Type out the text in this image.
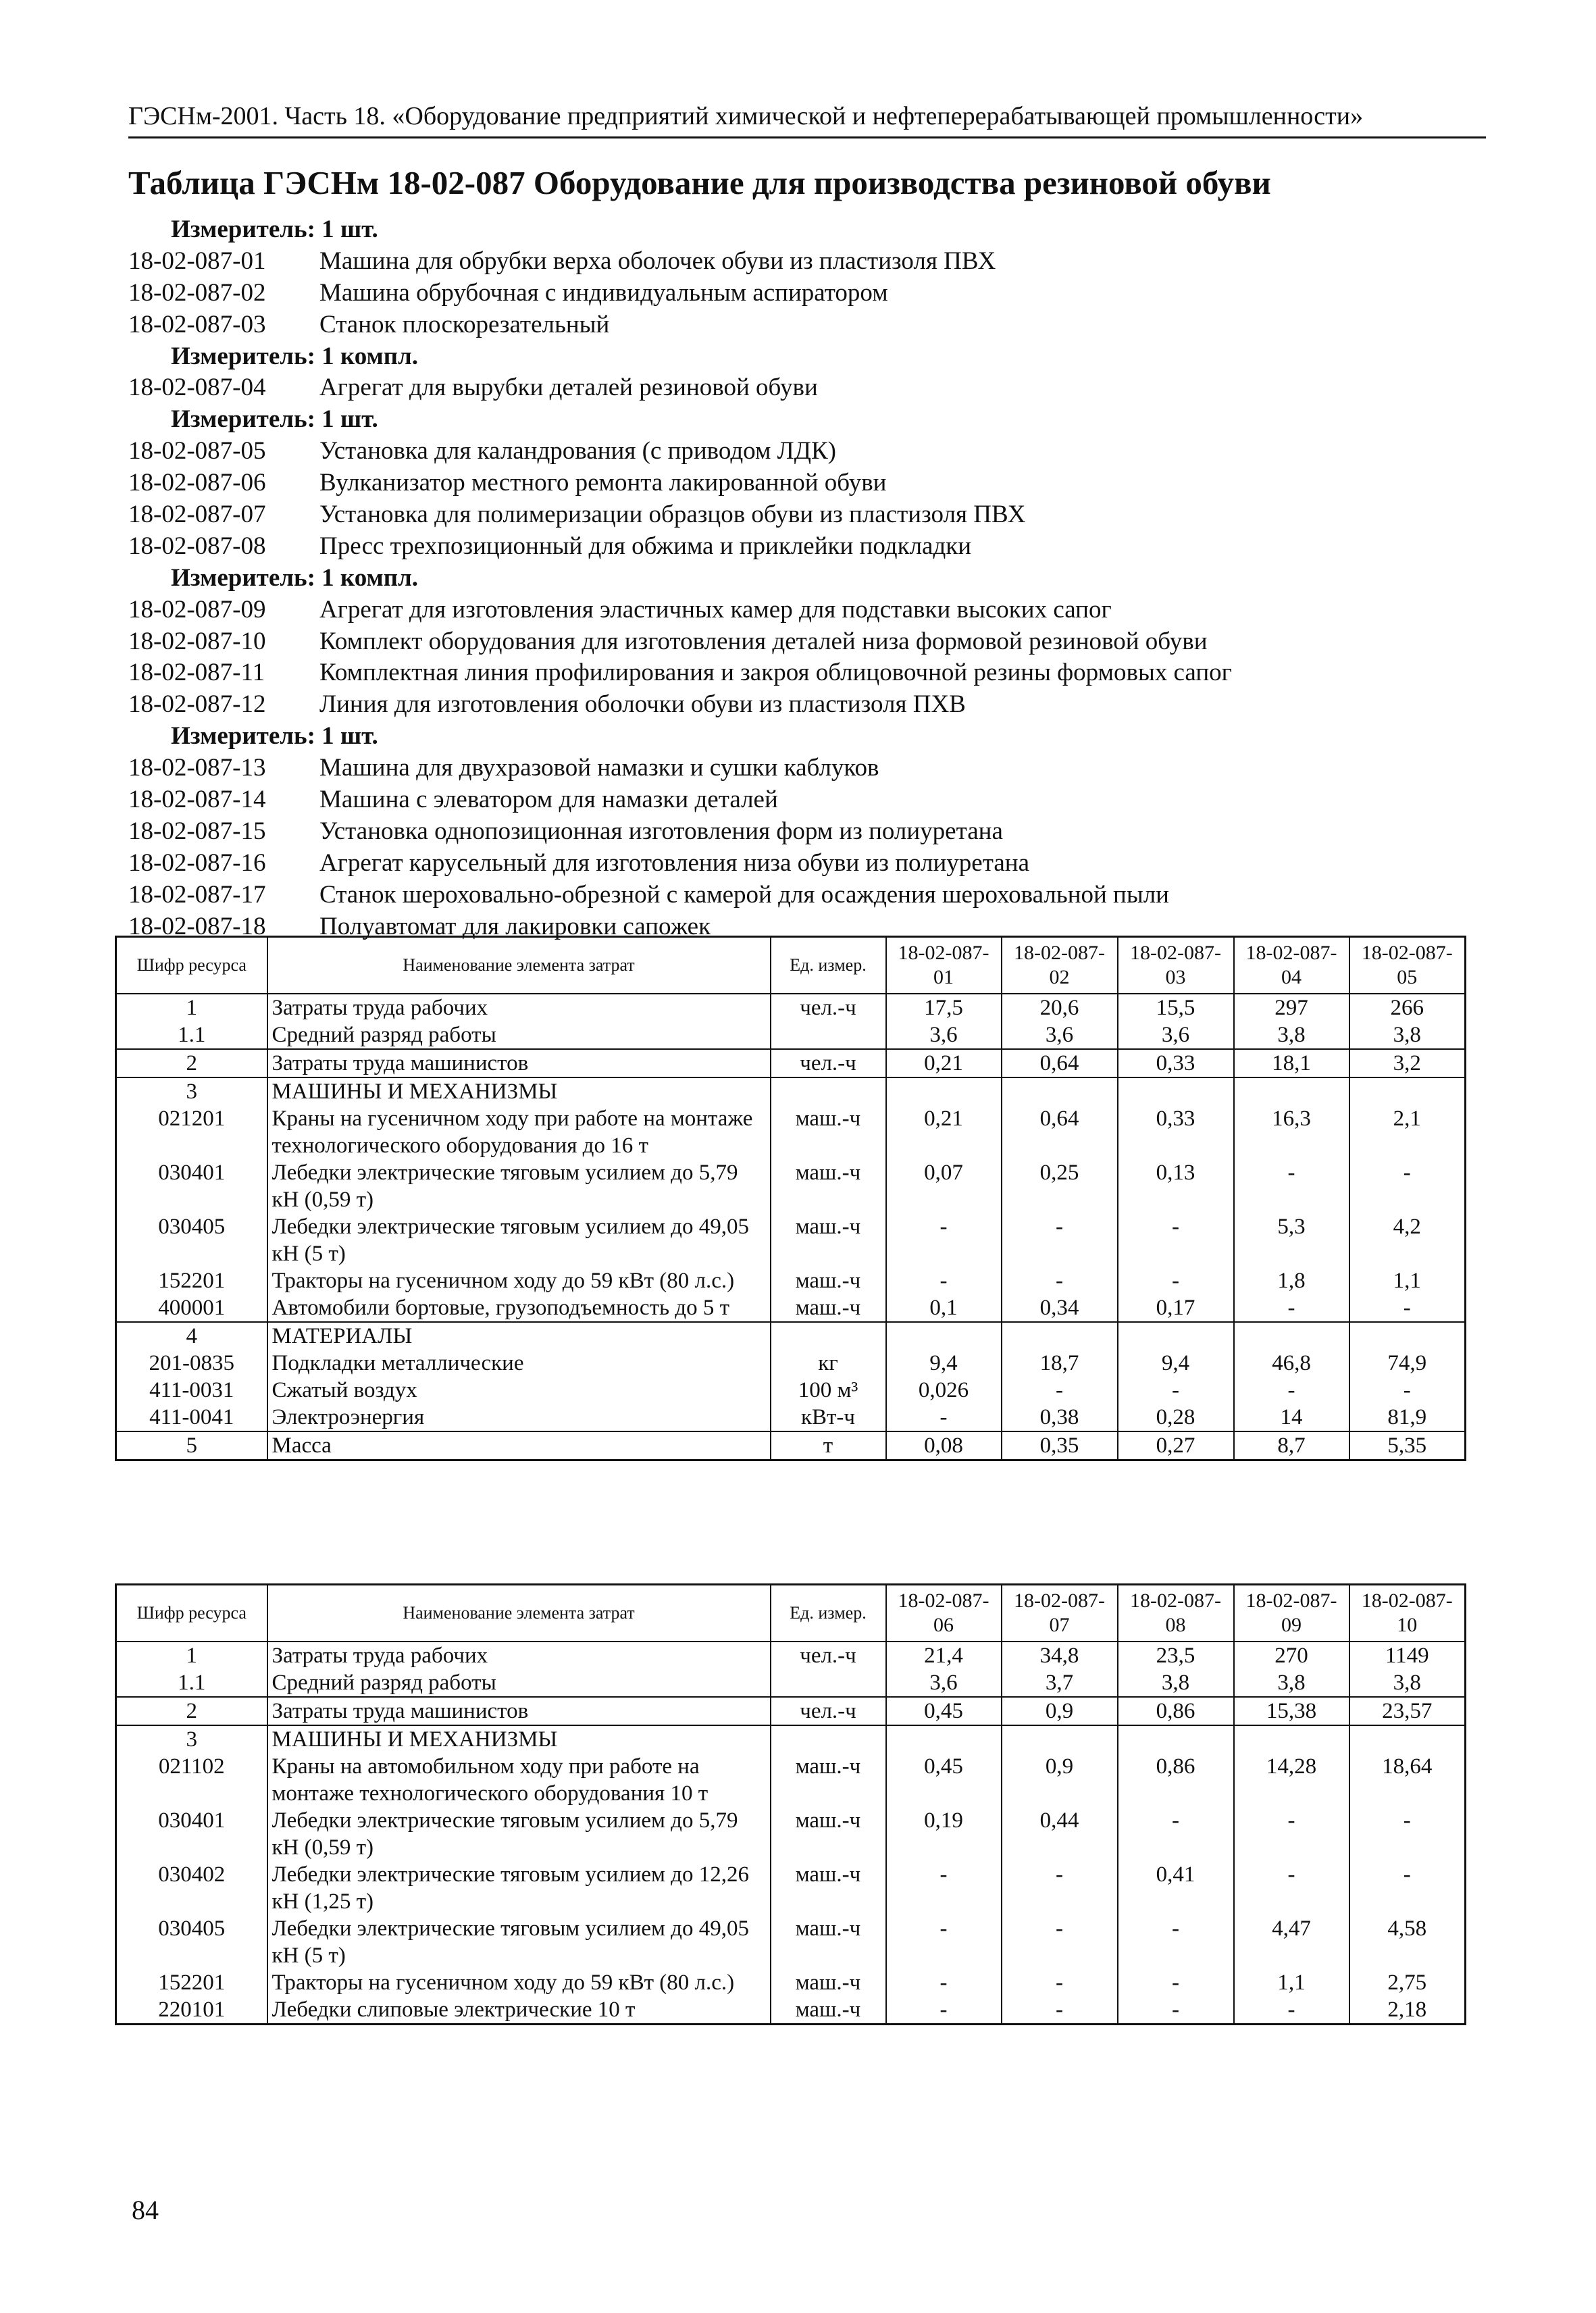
ГЭСНм-2001. Часть 18. «Оборудование предприятий химической и нефтеперерабатывающей промышленности»
Таблица ГЭСНм 18-02-087 Оборудование для производства резиновой обуви
Измеритель: 1 шт.
18-02-087-01 Машина для обрубки верха оболочек обуви из пластизоля ПВХ
18-02-087-02 Машина обрубочная с индивидуальным аспиратором
18-02-087-03 Станок плоскорезательный
Измеритель: 1 компл.
18-02-087-04 Агрегат для вырубки деталей резиновой обуви
Измеритель: 1 шт.
18-02-087-05 Установка для каландрования (с приводом ЛДК)
18-02-087-06 Вулканизатор местного ремонта лакированной обуви
18-02-087-07 Установка для полимеризации образцов обуви из пластизоля ПВХ
18-02-087-08 Пресс трехпозиционный для обжима и приклейки подкладки
Измеритель: 1 компл.
18-02-087-09 Агрегат для изготовления эластичных камер для подставки высоких сапог
18-02-087-10 Комплект оборудования для изготовления деталей низа формовой резиновой обуви
18-02-087-11 Комплектная линия профилирования и закроя облицовочной резины формовых сапог
18-02-087-12 Линия для изготовления оболочки обуви из пластизоля ПХВ
Измеритель: 1 шт.
18-02-087-13 Машина для двухразовой намазки и сушки каблуков
18-02-087-14 Машина с элеватором для намазки деталей
18-02-087-15 Установка однопозиционная изготовления форм из полиуретана
18-02-087-16 Агрегат карусельный для изготовления низа обуви из полиуретана
18-02-087-17 Станок шероховально-обрезной с камерой для осаждения шероховальной пыли
18-02-087-18 Полуавтомат для лакировки сапожек
Шифр ресурса	Наименование элемента затрат	Ед. измер.	18-02-087-01	18-02-087-02	18-02-087-03	18-02-087-04	18-02-087-05
1	Затраты труда рабочих	чел.-ч	17,5	20,6	15,5	297	266
1.1	Средний разряд работы		3,6	3,6	3,6	3,8	3,8
2	Затраты труда машинистов	чел.-ч	0,21	0,64	0,33	18,1	3,2
3	МАШИНЫ И МЕХАНИЗМЫ						
021201	Краны на гусеничном ходу при работе на монтаже технологического оборудования до 16 т	маш.-ч	0,21	0,64	0,33	16,3	2,1
030401	Лебедки электрические тяговым усилием до 5,79 кН (0,59 т)	маш.-ч	0,07	0,25	0,13	-	-
030405	Лебедки электрические тяговым усилием до 49,05 кН (5 т)	маш.-ч	-	-	-	5,3	4,2
152201	Тракторы на гусеничном ходу до 59 кВт (80 л.с.)	маш.-ч	-	-	-	1,8	1,1
400001	Автомобили бортовые, грузоподъемность до 5 т	маш.-ч	0,1	0,34	0,17	-	-
4	МАТЕРИАЛЫ						
201-0835	Подкладки металлические	кг	9,4	18,7	9,4	46,8	74,9
411-0031	Сжатый воздух	100 м³	0,026	-	-	-	-
411-0041	Электроэнергия	кВт-ч	-	0,38	0,28	14	81,9
5	Масса	т	0,08	0,35	0,27	8,7	5,35
Шифр ресурса	Наименование элемента затрат	Ед. измер.	18-02-087-06	18-02-087-07	18-02-087-08	18-02-087-09	18-02-087-10
1	Затраты труда рабочих	чел.-ч	21,4	34,8	23,5	270	1149
1.1	Средний разряд работы		3,6	3,7	3,8	3,8	3,8
2	Затраты труда машинистов	чел.-ч	0,45	0,9	0,86	15,38	23,57
3	МАШИНЫ И МЕХАНИЗМЫ						
021102	Краны на автомобильном ходу при работе на монтаже технологического оборудования 10 т	маш.-ч	0,45	0,9	0,86	14,28	18,64
030401	Лебедки электрические тяговым усилием до 5,79 кН (0,59 т)	маш.-ч	0,19	0,44	-	-	-
030402	Лебедки электрические тяговым усилием до 12,26 кН (1,25 т)	маш.-ч	-	-	0,41	-	-
030405	Лебедки электрические тяговым усилием до 49,05 кН (5 т)	маш.-ч	-	-	-	4,47	4,58
152201	Тракторы на гусеничном ходу до 59 кВт (80 л.с.)	маш.-ч	-	-	-	1,1	2,75
220101	Лебедки слиповые электрические 10 т	маш.-ч	-	-	-	-	2,18
84
